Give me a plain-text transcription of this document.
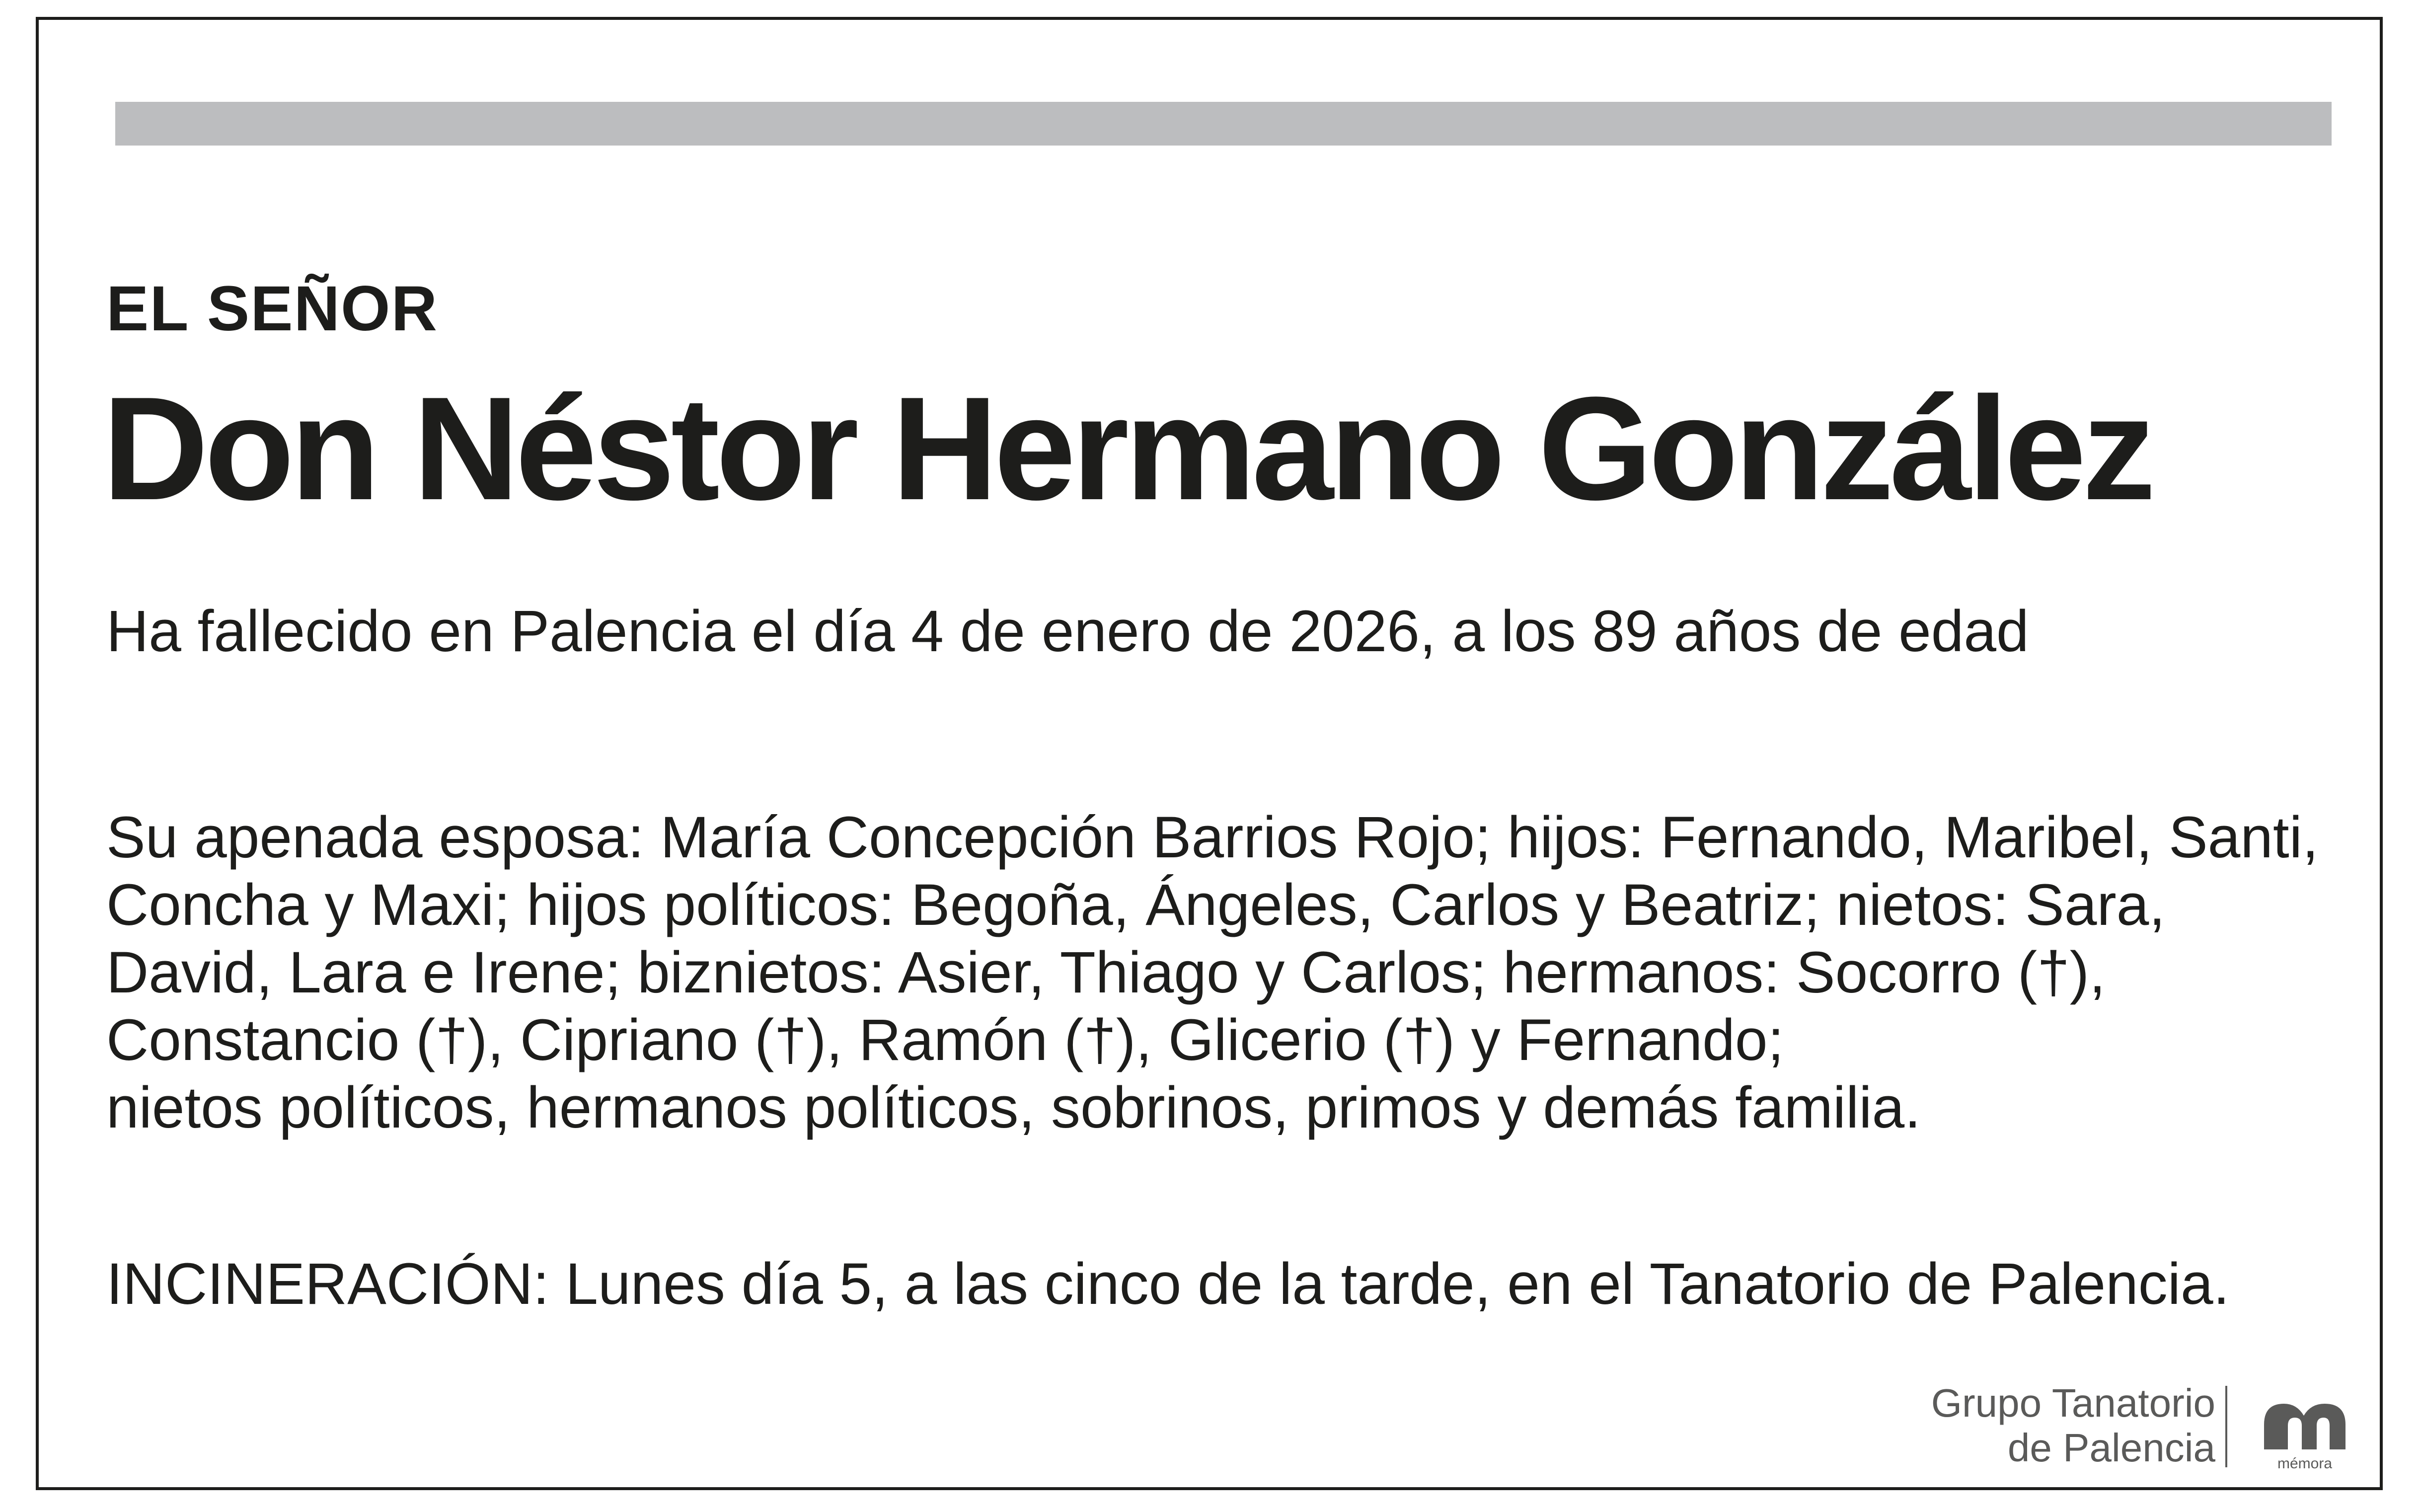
EL SEÑOR
Don Néstor Hermano González
Ha fallecido en Palencia el día 4 de enero de 2026, a los 89 años de edad
Su apenada esposa: María Concepción Barrios Rojo; hijos: Fernando, Maribel, Santi,
Concha y Maxi; hijos políticos: Begoña, Ángeles, Carlos y Beatriz; nietos: Sara,
David, Lara e Irene; biznietos: Asier, Thiago y Carlos; hermanos: Socorro (†),
Constancio (†), Cipriano (†), Ramón (†), Glicerio (†) y Fernando;
nietos políticos, hermanos políticos, sobrinos, primos y demás familia.
INCINERACIÓN: Lunes día 5, a las cinco de la tarde, en el Tanatorio de Palencia.
Grupo Tanatorio
de Palencia	mémora
